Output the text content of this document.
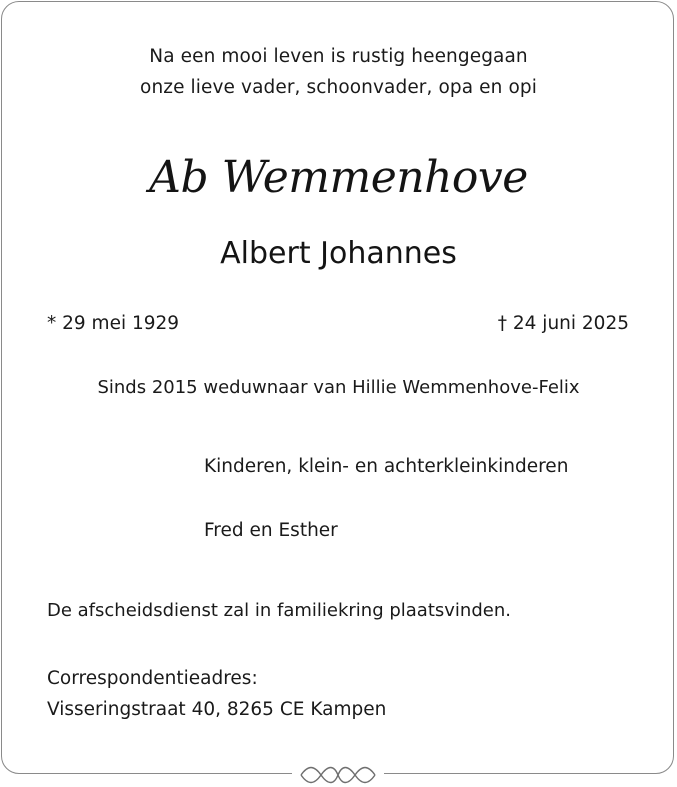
Na een mooi leven is rustig heengegaan
onze lieve vader, schoonvader, opa en opi
Ab Wemmenhove
Albert Johannes
* 29 mei 1929	† 24 juni 2025
Sinds 2015 weduwnaar van Hillie Wemmenhove-Felix
Kinderen, klein- en achterkleinkinderen
Fred en Esther
De afscheidsdienst zal in familiekring plaatsvinden.
Correspondentieadres:
Visseringstraat 40, 8265 CE Kampen
